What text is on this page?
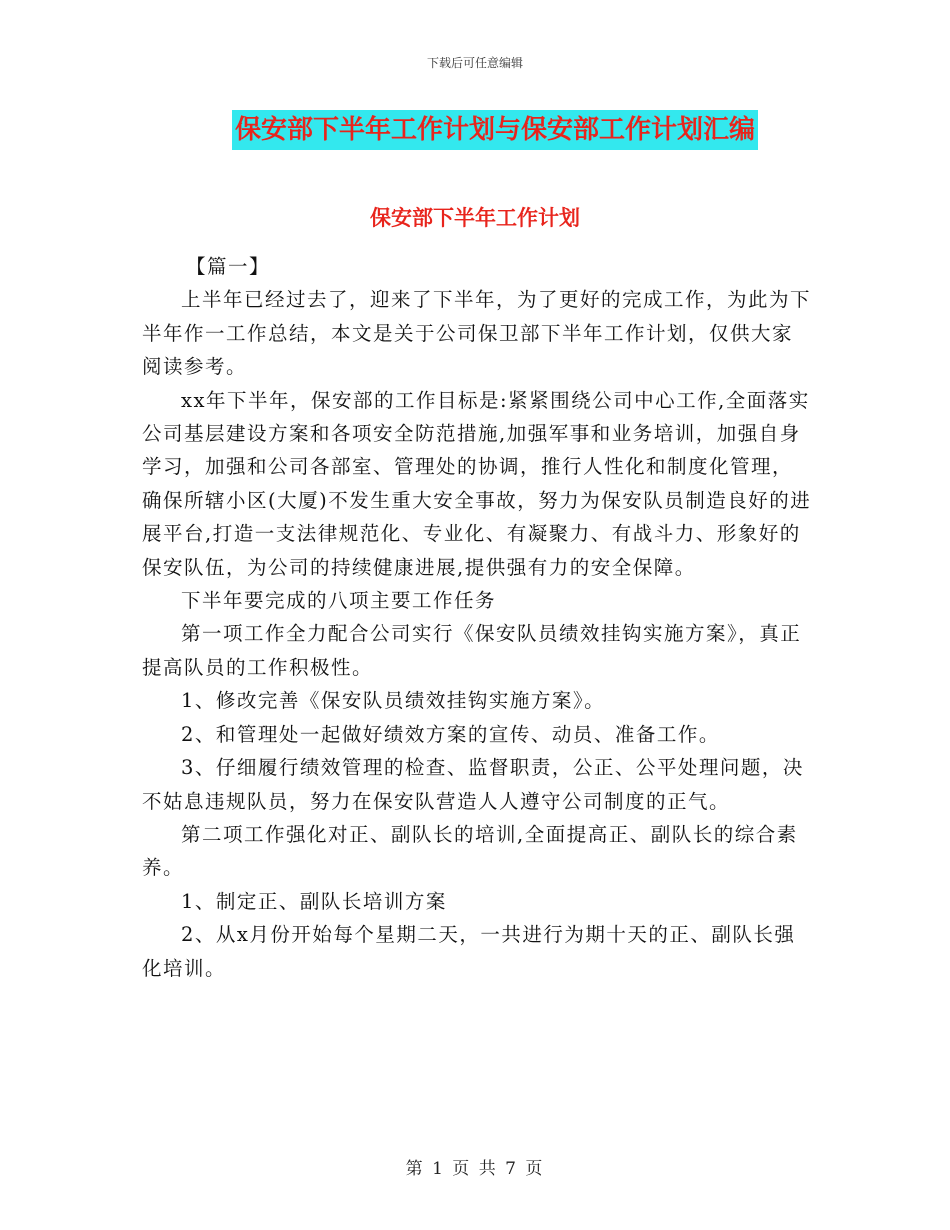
下载后可任意编辑
保安部下半年工作计划与保安部工作计划汇编
保安部下半年工作计划

【篇一】

上半年已经过去了，迎来了下半年，为了更好的完成工作，为此为下半年作一工作总结，本文是关于公司保卫部下半年工作计划，仅供大家阅读参考。

xx年下半年，保安部的工作目标是:紧紧围绕公司中心工作,全面落实公司基层建设方案和各项安全防范措施,加强军事和业务培训，加强自身学习，加强和公司各部室、管理处的协调，推行人性化和制度化管理，确保所辖小区(大厦)不发生重大安全事故，努力为保安队员制造良好的进展平台,打造一支法律规范化、专业化、有凝聚力、有战斗力、形象好的保安队伍，为公司的持续健康进展,提供强有力的安全保障。

下半年要完成的八项主要工作任务

第一项工作全力配合公司实行《保安队员绩效挂钩实施方案》，真正提高队员的工作积极性。

1、修改完善《保安队员绩效挂钩实施方案》。

2、和管理处一起做好绩效方案的宣传、动员、准备工作。

3、仔细履行绩效管理的检查、监督职责，公正、公平处理问题，决不姑息违规队员，努力在保安队营造人人遵守公司制度的正气。

第二项工作强化对正、副队长的培训,全面提高正、副队长的综合素养。

1、制定正、副队长培训方案

2、从x月份开始每个星期二天，一共进行为期十天的正、副队长强化培训。

第 1 页 共 7 页
